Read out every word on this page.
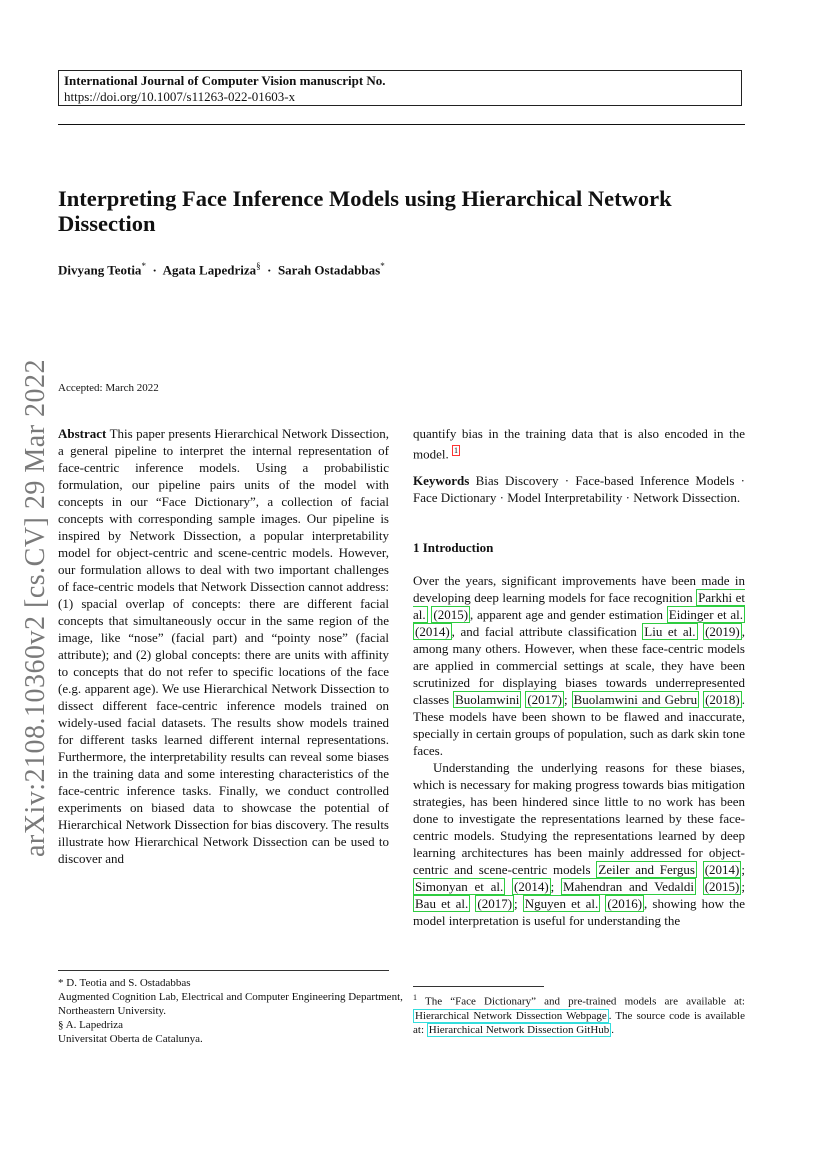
International Journal of Computer Vision manuscript No.
https://doi.org/10.1007/s11263-022-01603-x
arXiv:2108.10360v2 [cs.CV] 29 Mar 2022
Interpreting Face Inference Models using Hierarchical Network Dissection
Divyang Teotia* · Agata Lapedriza§ · Sarah Ostadabbas*
Accepted: March 2022

Abstract This paper presents Hierarchical Network Dissection, a general pipeline to interpret the internal representation of face-centric inference models. Using a probabilistic formulation, our pipeline pairs units of the model with concepts in our “Face Dictionary”, a collection of facial concepts with corresponding sample images. Our pipeline is inspired by Network Dissection, a popular interpretability model for object-centric and scene-centric models. However, our formulation allows to deal with two important challenges of face-centric models that Network Dissection cannot address: (1) spacial overlap of concepts: there are different facial concepts that simultaneously occur in the same region of the image, like “nose” (facial part) and “pointy nose” (facial attribute); and (2) global concepts: there are units with affinity to concepts that do not refer to specific locations of the face (e.g. apparent age). We use Hierarchical Network Dissection to dissect different face-centric inference models trained on widely-used facial datasets. The results show models trained for different tasks learned different internal representations. Furthermore, the interpretability results can reveal some biases in the training data and some interesting characteristics of the face-centric inference tasks. Finally, we conduct controlled experiments on biased data to showcase the potential of Hierarchical Network Dissection for bias discovery. The results illustrate how Hierarchical Network Dissection can be used to discover and

quantify bias in the training data that is also encoded in the model. $^1$

Keywords Bias Discovery · Face-based Inference Models · Face Dictionary · Model Interpretability · Network Dissection.

1 Introduction

Over the years, significant improvements have been made in developing deep learning models for face recognition Parkhi et al. (2015) , apparent age and gender estimation Eidinger et al. (2014) , and facial attribute classification Liu et al. (2019) , among many others. However, when these face-centric models are applied in commercial settings at scale, they have been scrutinized for displaying biases towards underrepresented classes Buolamwini (2017) ; Buolamwini and Gebru (2018) . These models have been shown to be flawed and inaccurate, specially in certain groups of population, such as dark skin tone faces.

Understanding the underlying reasons for these biases, which is necessary for making progress towards bias mitigation strategies, has been hindered since little to no work has been done to investigate the representations learned by these face-centric models. Studying the representations learned by deep learning architectures has been mainly addressed for object-centric and scene-centric models Zeiler and Fergus (2014) ; Simonyan et al. (2014) ; Mahendran and Vedaldi (2015) ; Bau et al. (2017) ; Nguyen et al. (2016) , showing how the model interpretation is useful for understanding the

* D. Teotia and S. Ostadabbas
Augmented Cognition Lab, Electrical and Computer Engineering Department, Northeastern University.
§ A. Lapedriza
Universitat Oberta de Catalunya.
$^1$ The “Face Dictionary” and pre-trained models are available at: Hierarchical Network Dissection Webpage . The source code is available at: Hierarchical Network Dissection GitHub .
